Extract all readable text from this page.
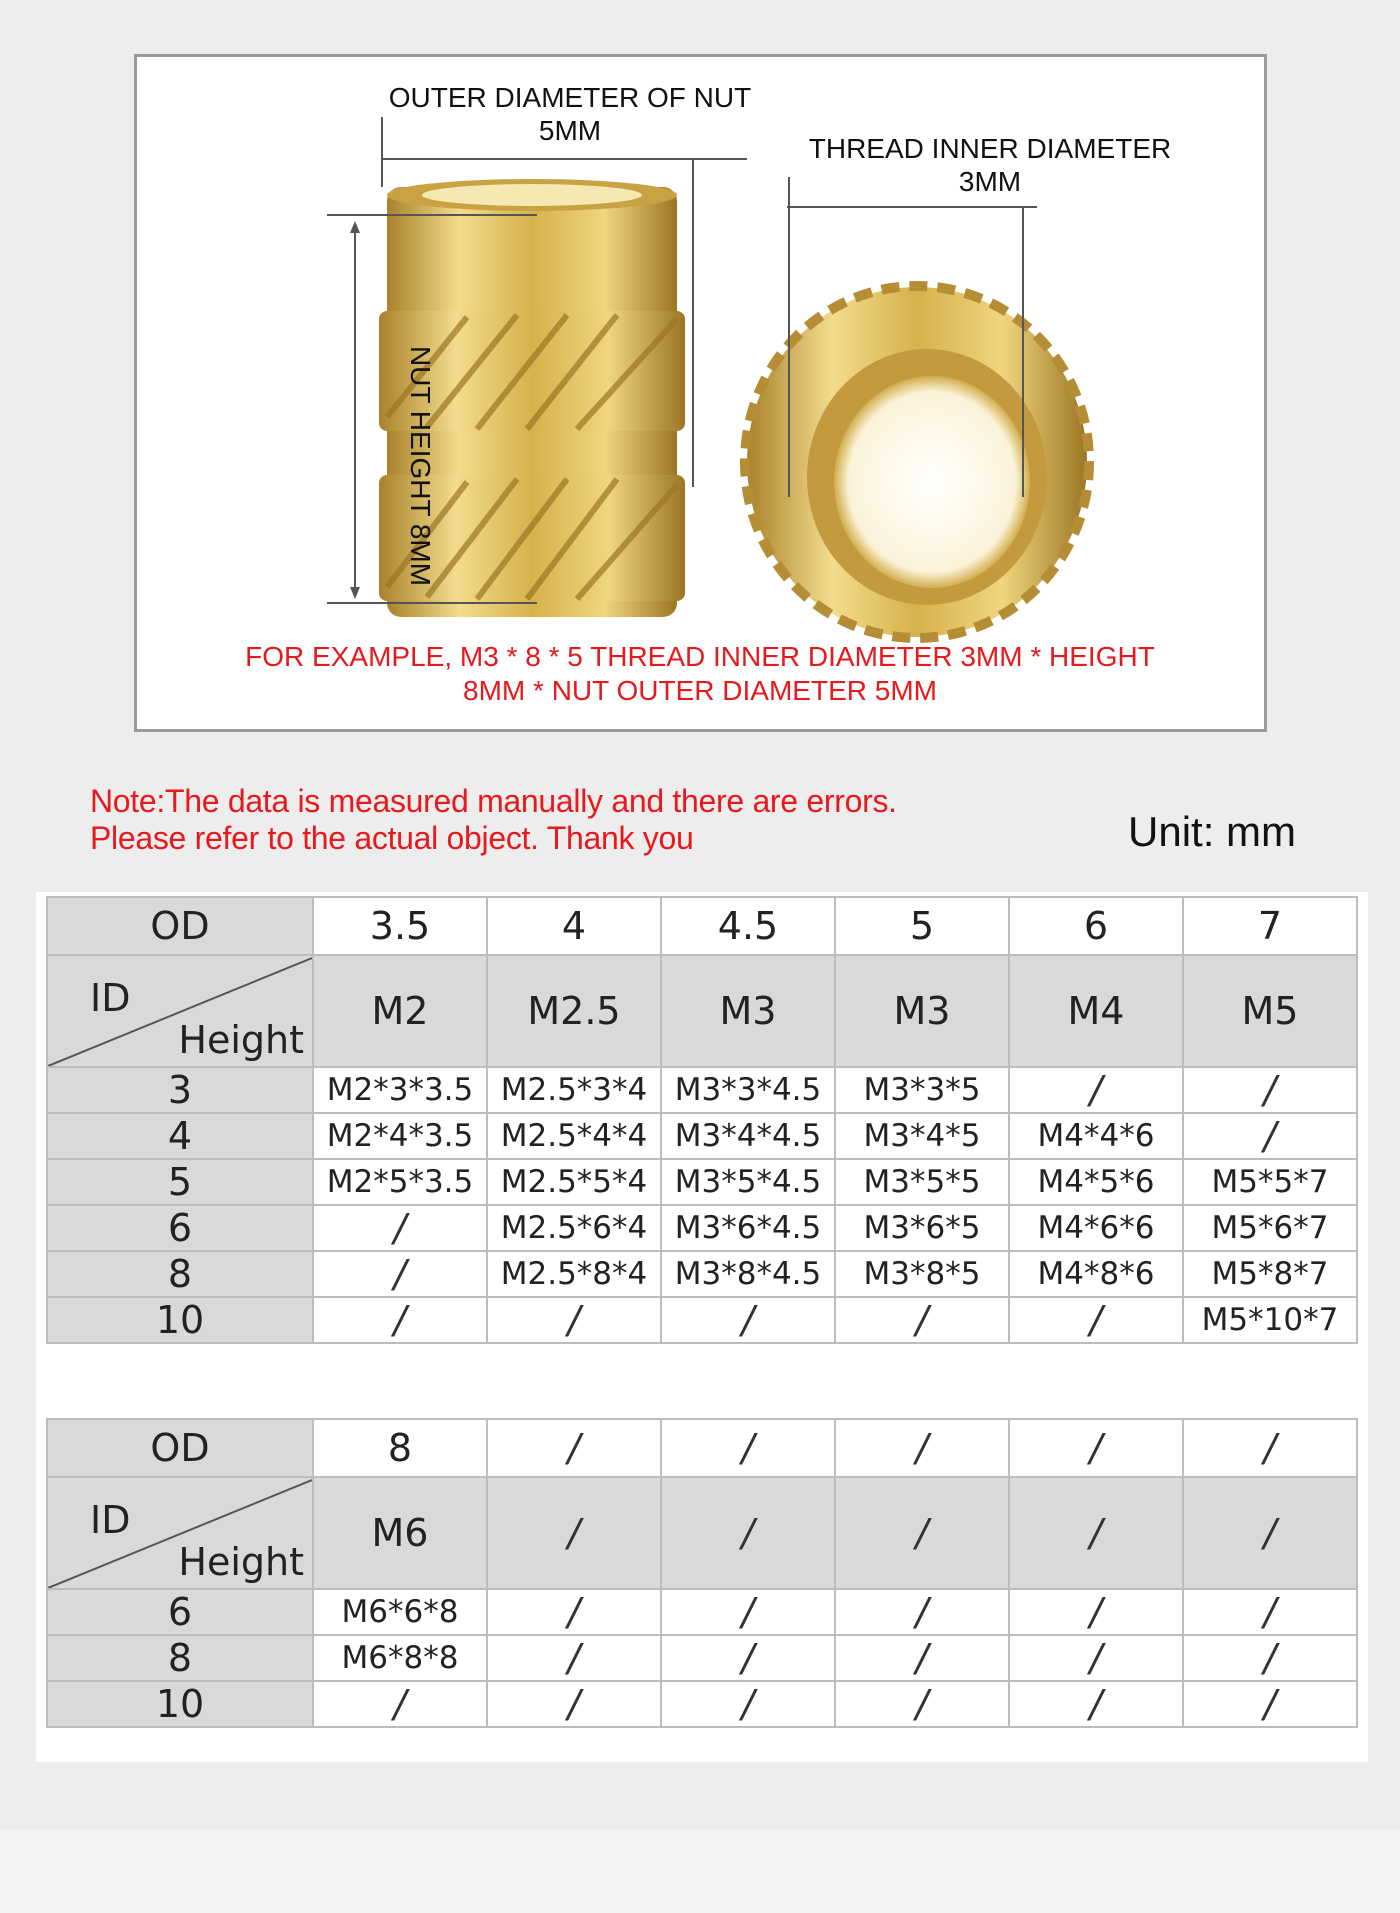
OUTER DIAMETER OF NUT
5MM
THREAD INNER DIAMETER
3MM
NUT HEIGHT 8MM
FOR EXAMPLE, M3 * 8 * 5 THREAD INNER DIAMETER 3MM * HEIGHT
8MM * NUT OUTER DIAMETER 5MM
Note:The data is measured manually and there are errors.
Please refer to the actual object. Thank you	Unit: mm
OD	3.5	4	4.5	5	6	7

ID
Height	M2	M2.5	M3	M3	M4	M5
3	M2*3*3.5	M2.5*3*4	M3*3*4.5	M3*3*5	/	/
4	M2*4*3.5	M2.5*4*4	M3*4*4.5	M3*4*5	M4*4*6	/
5	M2*5*3.5	M2.5*5*4	M3*5*4.5	M3*5*5	M4*5*6	M5*5*7
6	/	M2.5*6*4	M3*6*4.5	M3*6*5	M4*6*6	M5*6*7
8	/	M2.5*8*4	M3*8*4.5	M3*8*5	M4*8*6	M5*8*7
10	/	/	/	/	/	M5*10*7
OD	8	/	/	/	/	/

ID
Height	M6	/	/	/	/	/
6	M6*6*8	/	/	/	/	/
8	M6*8*8	/	/	/	/	/
10	/	/	/	/	/	/
